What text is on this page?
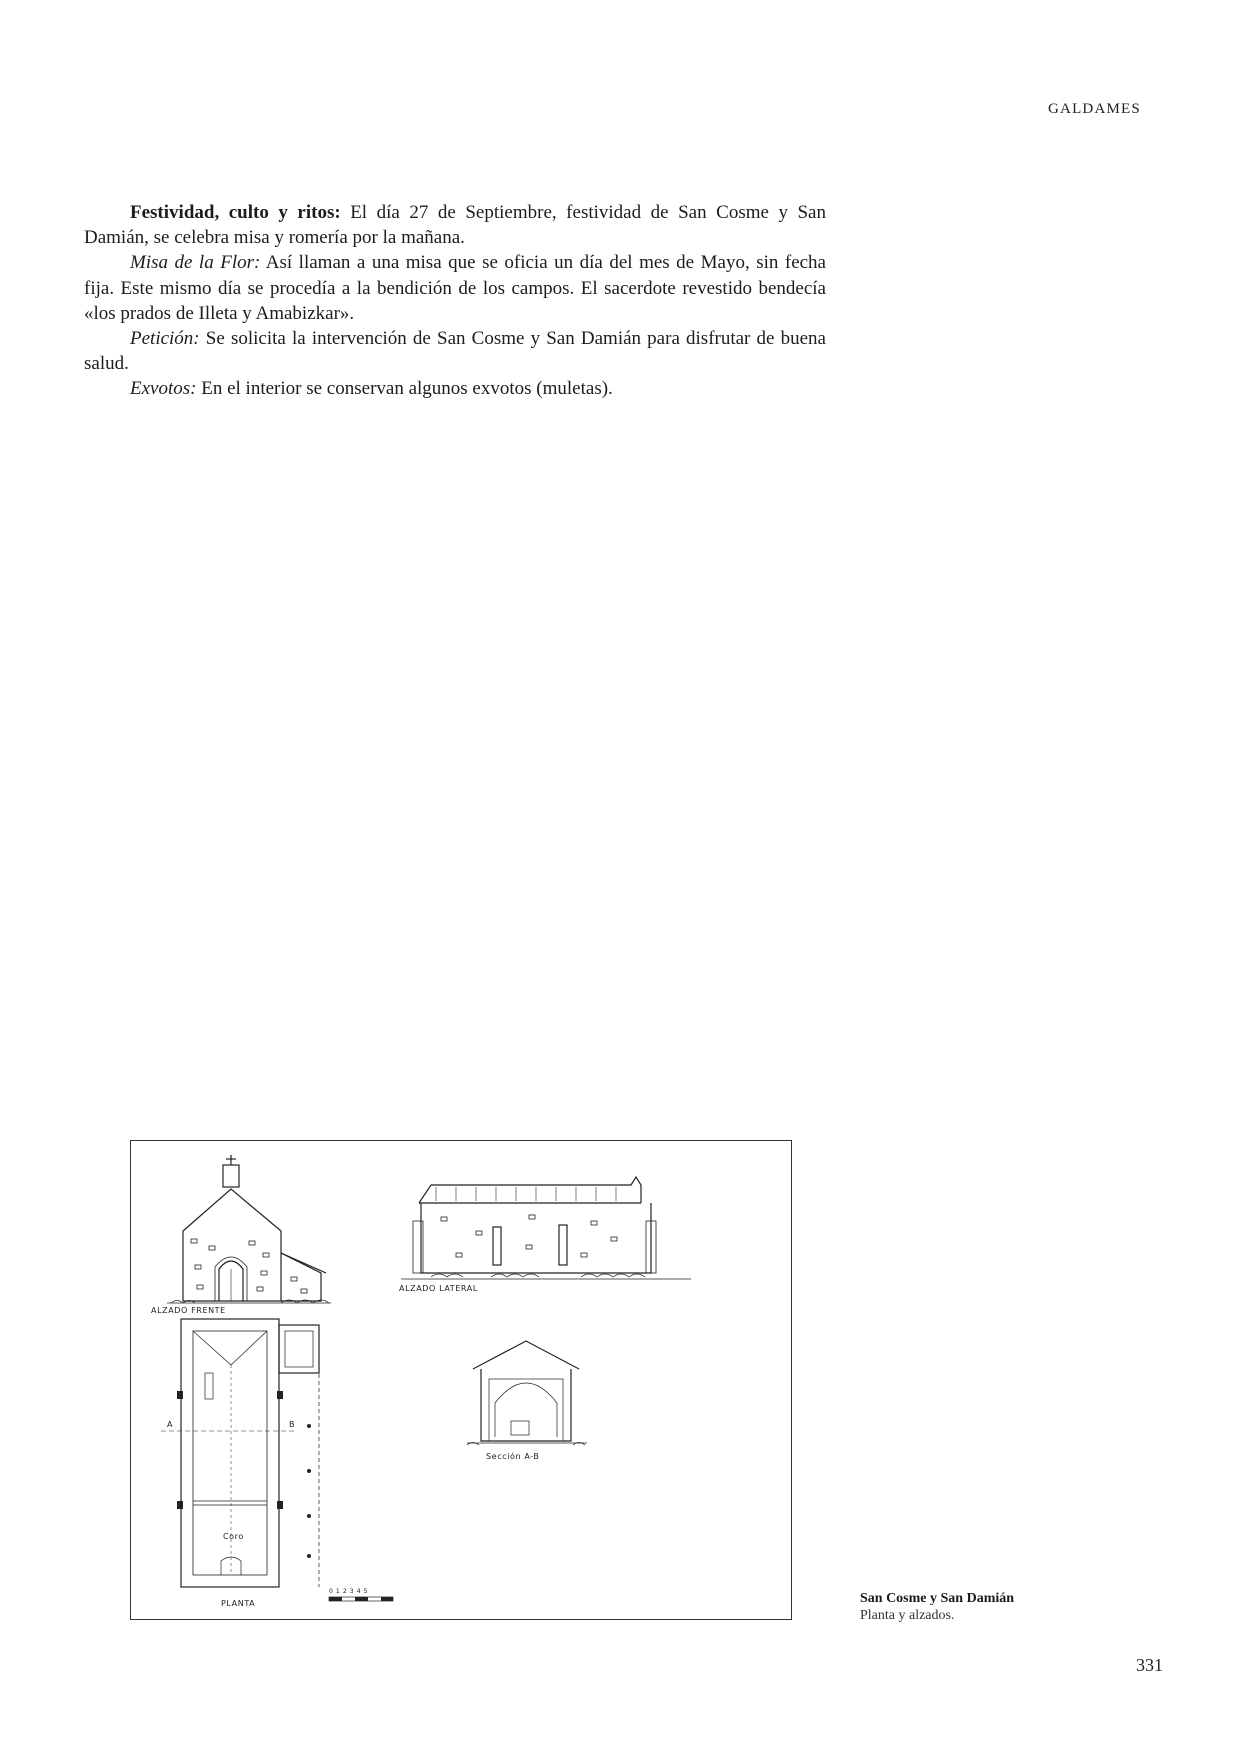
GALDAMES

Festividad, culto y ritos: El día 27 de Septiembre, festividad de San Cosme y San Damián, se celebra misa y romería por la mañana.

Misa de la Flor: Así llaman a una misa que se oficia un día del mes de Mayo, sin fecha fija. Este mismo día se procedía a la bendición de los campos. El sacerdote revestido bendecía «los prados de Illeta y Amabizkar».

Petición: Se solicita la intervención de San Cosme y San Damián para disfrutar de buena salud.

Exvotos: En el interior se conservan algunos exvotos (muletas).

ALZADO FRENTE
ALZADO LATERAL
PLANTA
Sección A-B
Coro
A	B
0 1 2 3 4 5	San Cosme y San Damián
Planta y alzados.
331
